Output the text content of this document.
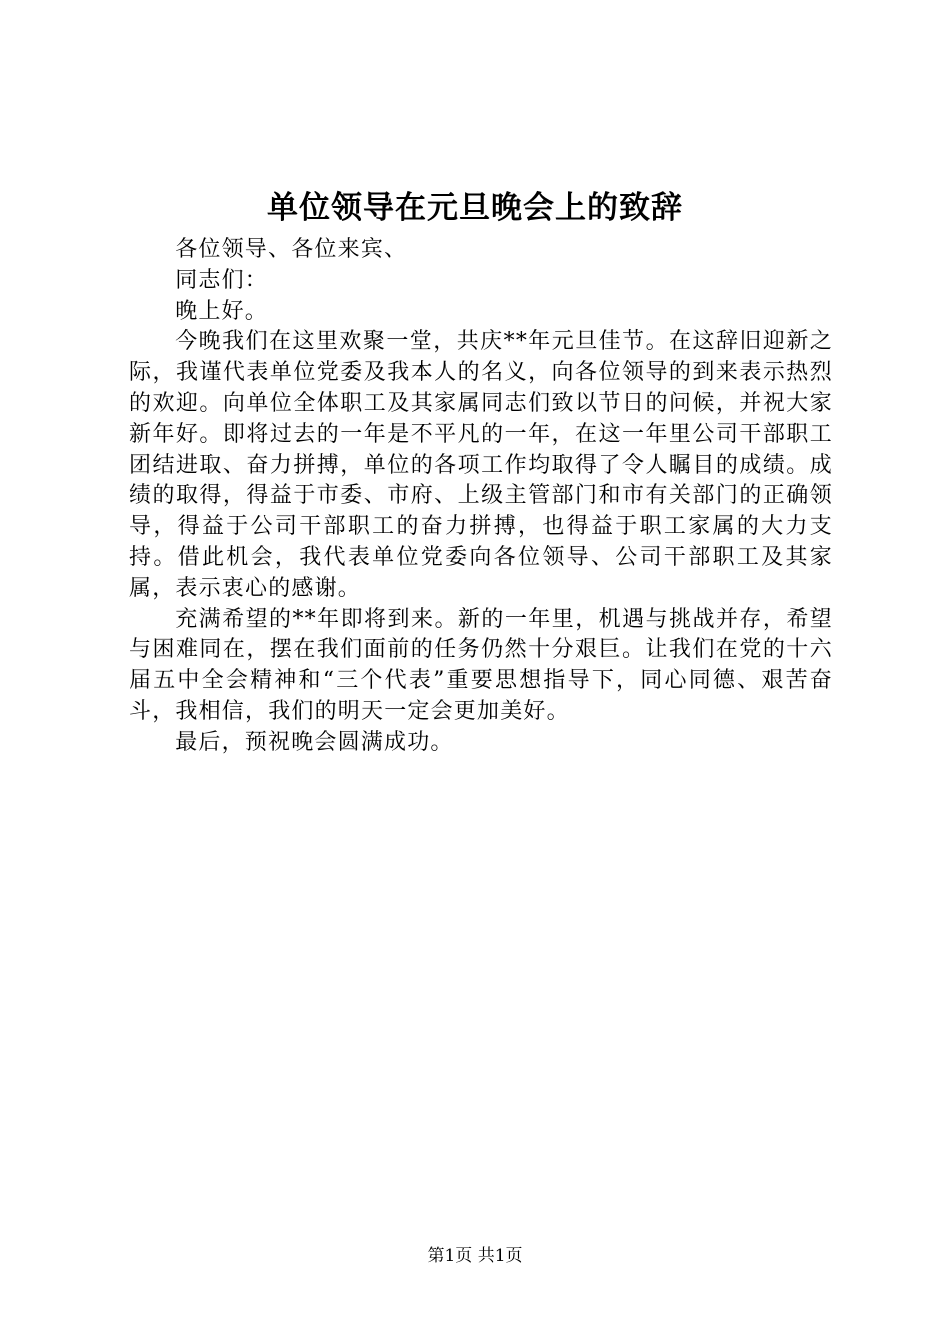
单位领导在元旦晚会上的致辞

各位领导、各位来宾、

同志们：

晚上好。

今晚我们在这里欢聚一堂，共庆**年元旦佳节。在这辞旧迎新之际，我谨代表单位党委及我本人的名义，向各位领导的到来表示热烈的欢迎。向单位全体职工及其家属同志们致以节日的问候，并祝大家新年好。即将过去的一年是不平凡的一年，在这一年里公司干部职工团结进取、奋力拼搏，单位的各项工作均取得了令人瞩目的成绩。成绩的取得，得益于市委、市府、上级主管部门和市有关部门的正确领导，得益于公司干部职工的奋力拼搏，也得益于职工家属的大力支持。借此机会，我代表单位党委向各位领导、公司干部职工及其家属，表示衷心的感谢。

充满希望的**年即将到来。新的一年里，机遇与挑战并存，希望与困难同在，摆在我们面前的任务仍然十分艰巨。让我们在党的十六届五中全会精神和“三个代表”重要思想指导下，同心同德、艰苦奋斗，我相信，我们的明天一定会更加美好。

最后，预祝晚会圆满成功。

第1页 共1页
